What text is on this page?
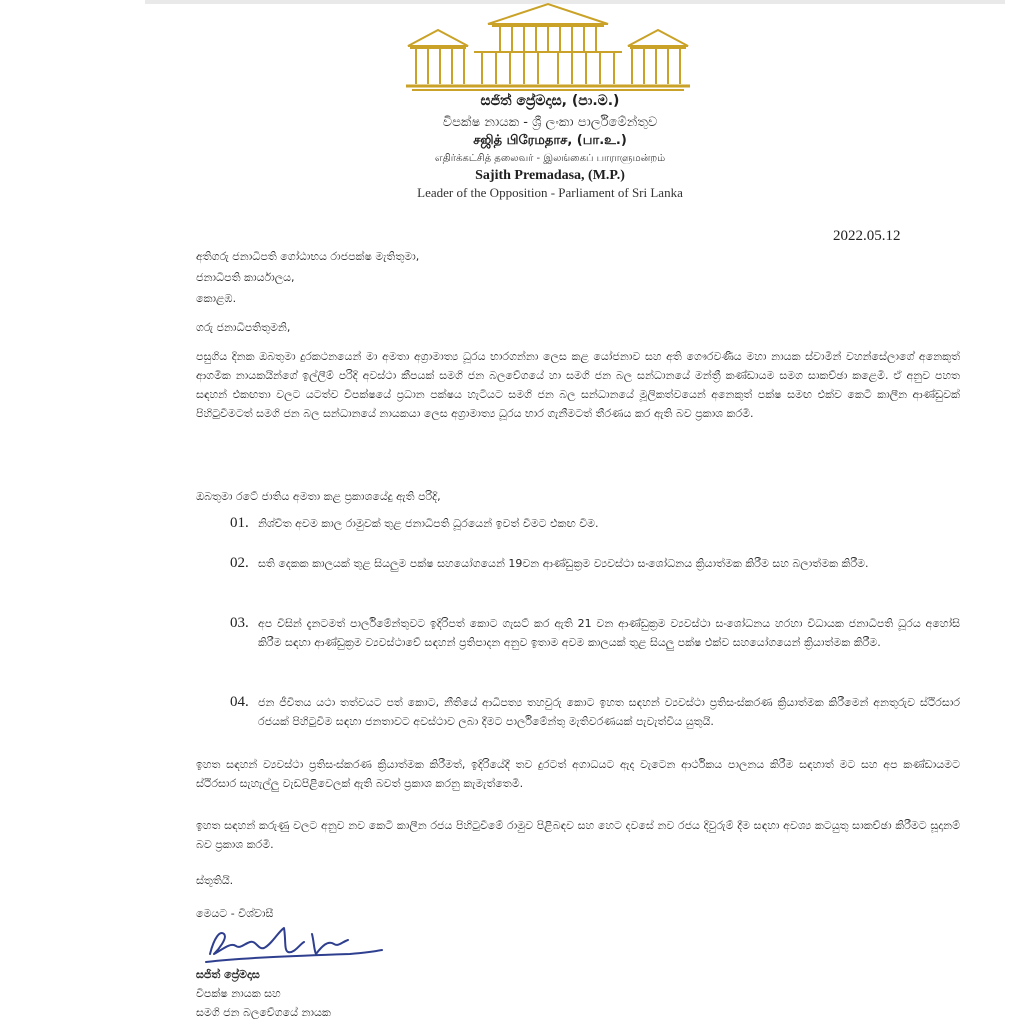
සජිත් ප්‍රේමදාස, (පා.ම.)
විපක්ෂ නායක - ශ්‍රී ලංකා පාර්ලිමේන්තුව
சஜித் பிரேமதாச, (பா.உ.)
எதிர்க்கட்சித் தலைவர் - இலங்கைப் பாராளுமன்றம்
Sajith Premadasa, (M.P.)
Leader of the Opposition - Parliament of Sri Lanka
2022.05.12
අතිගරු ජනාධිපති ගෝඨාභය රාජපක්ෂ මැතිතුමා,
ජනාධිපති කාර්යාලය,
කොළඹ.
ගරු ජනාධිපතිතුමනි,

පසුගිය දිනක ඔබතුමා දුරකථනයෙන් මා අමතා අග්‍රාමාත්‍ය ධූරය භාරගන්නා ලෙස කළ යෝජනාව සහ අති ගෞරවණීය මහා නායක ස්වාමීන් වහන්සේලාගේ අනෙකුත් ආගමික නායකයින්ගේ ඉල්ලීම් පරිදි අවස්ථා කීපයක් සමගි ජන බලවේගයේ හා සමගි ජන බල සන්ධානයේ මන්ත්‍රී කණ්ඩායම සමග සාකච්ඡා කළෙමි. ඒ අනුව පහත සඳහන් එකඟතා වලට යටත්ව විපක්ෂයේ ප්‍රධාන පක්ෂය හැටියට සමගි ජන බල සන්ධානයේ මූලිකත්වයෙන් අනෙකුත් පක්ෂ සමඟ එක්ව කෙටි කාලීන ආණ්ඩුවක් පිහිටුවීමටත් සමගි ජන බල සන්ධානයේ නායකයා ලෙස අග්‍රාමාත්‍ය ධූරය භාර ගැනීමටත් තීරණය කර ඇති බව ප්‍රකාශ කරමි.

ඔබතුමා රටේ ජාතිය අමතා කළ ප්‍රකාශයේදු ඇති පරිදි,

01. නිශ්චිත අවම කාල රාමුවක් තුළ ජනාධිපති ධූරයෙන් ඉවත් වීමට එකඟ වීම.
02. සති දෙකක කාලයක් තුළ සියලුම පක්ෂ සහයෝගයෙන් 19වන ආණ්ඩුක්‍රම ව්‍යවස්ථා සංශෝධනය ක්‍රියාත්මක කිරීම සහ බලාත්මක කිරීම.
03. අප විසින් දැනටමත් පාර්ලිමේන්තුවට ඉදිරිපත් කොට ගැසට් කර ඇති 21 වන ආණ්ඩුක්‍රම ව්‍යවස්ථා සංශෝධනය හරහා විධායක ජනාධිපති ධූරය අහෝසි කිරීම සඳහා ආණ්ඩුක්‍රම ව්‍යවස්ථාවේ සඳහන් ප්‍රතිපාදන අනුව ඉතාම අවම කාලයක් තුළ සියලු පක්ෂ එක්ව සහයෝගයෙන් ක්‍රියාත්මක කිරීම.
04. ජන ජීවිතය යථා තත්වයට පත් කොට, නීතියේ ආධිපත්‍ය තහවුරු කොට ඉහත සඳහන් ව්‍යවස්ථා ප්‍රතිසංස්කරණ ක්‍රියාත්මක කිරීමෙන් අනතුරුව ස්ථිරසාර රජයක් පිහිටුවීම සඳහා ජනතාවට අවස්ථාව ලබා දීමට පාර්ලිමේන්තු මැතිවරණයක් පැවැත්විය යුතුයි.

ඉහත සඳහන් ව්‍යවස්ථා ප්‍රතිසංස්කරණ ක්‍රියාත්මක කිරීමත්, ඉදිරියේදී තව දුරටත් අගාධයට ඇද වැටෙන ආර්ථිකය පාලනය කිරීම සඳහාත් මට සහ අප කණ්ඩායමට ස්ථිරසාර සැහැල්ලු වැඩපිළිවෙලක් ඇති බවත් ප්‍රකාශ කරනු කැමැත්තෙමි.

ඉහත සඳහන් කරුණු වලට අනුව නව කෙටි කාලීන රජය පිහිටුවීමේ රාමුව පිළිබඳව සහ හෙට දවසේ නව රජය දිවුරුම් දීම සඳහා අවශ්‍ය කටයුතු සාකච්ඡා කිරීමට සූදානම් බව ප්‍රකාශ කරමි.

ස්තූතියි.
මෙයට - විශ්වාසී
සජිත් ප්‍රේමදාස
විපක්ෂ නායක සහ
සමගි ජන බලවේගයේ නායක
